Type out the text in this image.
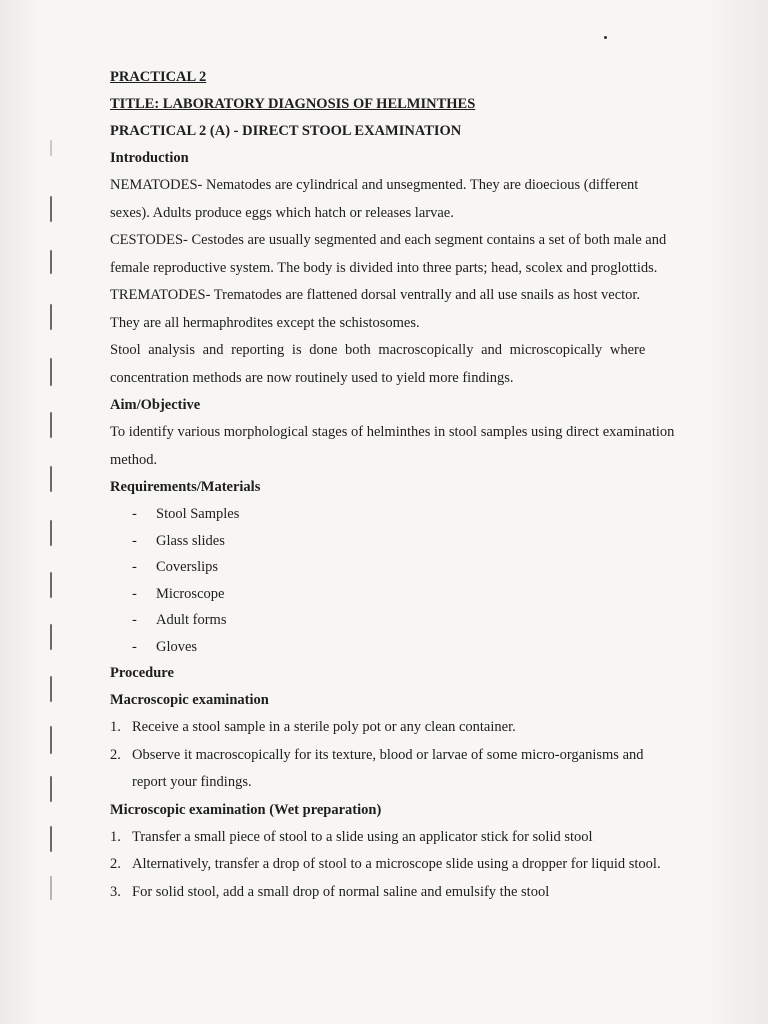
PRACTICAL 2
TITLE: LABORATORY DIAGNOSIS OF HELMINTHES
PRACTICAL 2 (A) - DIRECT STOOL EXAMINATION
Introduction
NEMATODES- Nematodes are cylindrical and unsegmented. They are dioecious (different
sexes). Adults produce eggs which hatch or releases larvae.
CESTODES- Cestodes are usually segmented and each segment contains a set of both male and
female reproductive system. The body is divided into three parts; head, scolex and proglottids.
TREMATODES- Trematodes are flattened dorsal ventrally and all use snails as host vector.
They are all hermaphrodites except the schistosomes.
Stool analysis and reporting is done both macroscopically and microscopically where
concentration methods are now routinely used to yield more findings.
Aim/Objective
To identify various morphological stages of helminthes in stool samples using direct examination
method.
Requirements/Materials
- Stool Samples
- Glass slides
- Coverslips
- Microscope
- Adult forms
- Gloves
Procedure
Macroscopic examination
1. Receive a stool sample in a sterile poly pot or any clean container.
2. Observe it macroscopically for its texture, blood or larvae of some micro-organisms and
report your findings.
Microscopic examination (Wet preparation)
1. Transfer a small piece of stool to a slide using an applicator stick for solid stool
2. Alternatively, transfer a drop of stool to a microscope slide using a dropper for liquid stool.
3. For solid stool, add a small drop of normal saline and emulsify the stool
